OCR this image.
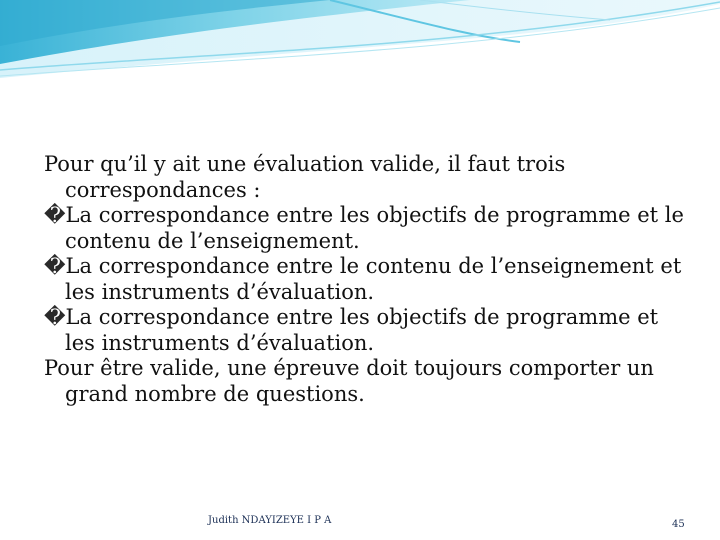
Pour qu’il y ait une évaluation valide, il faut trois correspondances :

�La correspondance entre les objectifs de programme et le contenu de l’enseignement.

�La correspondance entre le contenu de l’enseignement et les instruments d’évaluation.

�La correspondance entre les objectifs de programme et les instruments d’évaluation.

Pour être valide, une épreuve doit toujours comporter un grand nombre de questions.

Judith NDAYIZEYE I P A	45
